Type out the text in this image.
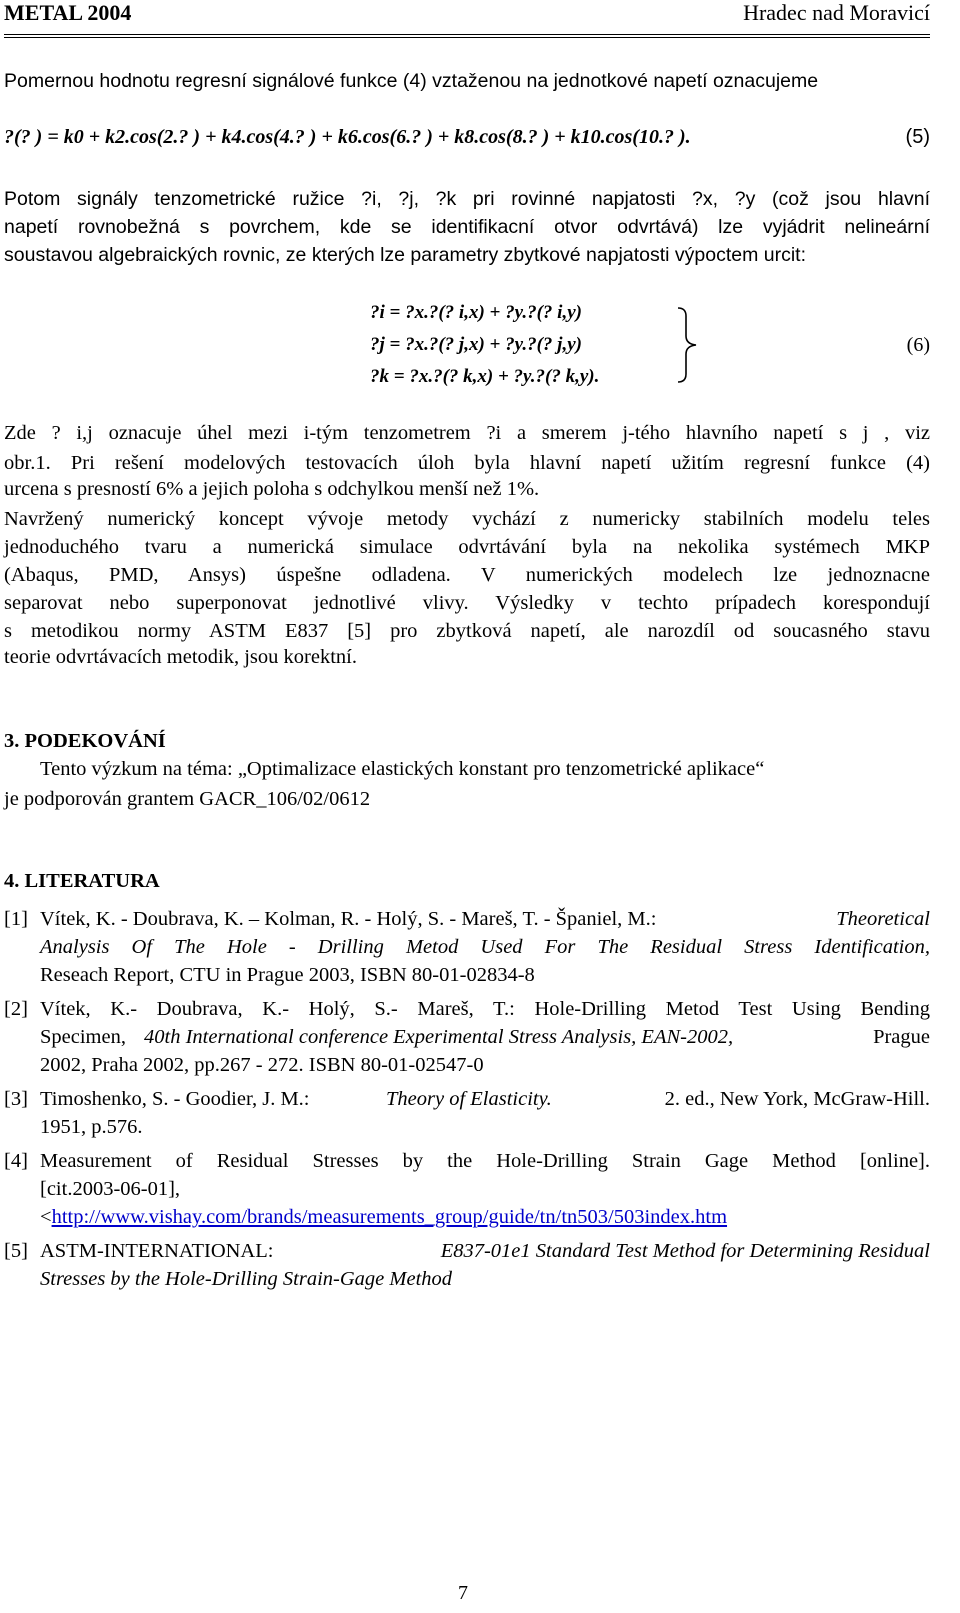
METAL 2004	Hradec nad Moravicí
Pomernou hodnotu regresní signálové funkce (4) vztaženou na jednotkové napetí oznacujeme
?(? ) = k0 + k2.cos(2.? ) + k4.cos(4.? ) + k6.cos(6.? ) + k8.cos(8.? ) + k10.cos(10.? ).	(5)
Potom signály tenzometrické ružice ?i, ?j, ?k pri rovinné napjatosti ?x, ?y (což jsou hlavní
napetí rovnobežná s povrchem, kde se identifikacní otvor odvrtává) lze vyjádrit nelineární
soustavou algebraických rovnic, ze kterých lze parametry zbytkové napjatosti výpoctem urcit:
?i = ?x.?(? i,x) + ?y.?(? i,y)
?j = ?x.?(? j,x) + ?y.?(? j,y)
?k = ?x.?(? k,x) + ?y.?(? k,y).
(6)
Zde ? i,j oznacuje úhel mezi i-tým tenzometrem ?i a smerem j-tého hlavního napetí s j , viz
obr.1. Pri rešení modelových testovacích úloh byla hlavní napetí užitím regresní funkce (4)
urcena s presností 6% a jejich poloha s odchylkou menší než 1%.
Navržený numerický koncept vývoje metody vychází z numericky stabilních modelu teles
jednoduchého tvaru a numerická simulace odvrtávání byla na nekolika systémech MKP
(Abaqus, PMD, Ansys) úspešne odladena. V numerických modelech lze jednoznacne
separovat nebo superponovat jednotlivé vlivy. Výsledky v techto prípadech korespondují
s metodikou normy ASTM E837 [5] pro zbytková napetí, ale narozdíl od soucasného stavu
teorie odvrtávacích metodik, jsou korektní.
3. PODEKOVÁNÍ
Tento výzkum na téma: „Optimalizace elastických konstant pro tenzometrické aplikace“
je podporován grantem GACR_106/02/0612
4. LITERATURA
[1] Vítek, K. - Doubrava, K. – Kolman, R. - Holý, S. - Mareš, T. - Španiel, M.:	Theoretical
Analysis Of The Hole - Drilling Metod Used For The Residual Stress Identification,
Reseach Report, CTU in Prague 2003, ISBN 80-01-02834-8
[2] Vítek, K.- Doubrava, K.- Holý, S.- Mareš, T.: Hole-Drilling Metod Test Using Bending
Specimen, 40th International conference Experimental Stress Analysis, EAN-2002,	Prague
2002, Praha 2002, pp.267 - 272. ISBN 80-01-02547-0
[3] Timoshenko, S. - Goodier, J. M.:	Theory of Elasticity.	2. ed., New York, McGraw-Hill.
1951, p.576.
[4] Measurement of Residual Stresses by the Hole-Drilling Strain Gage Method [online].
[cit.2003-06-01],
<http://www.vishay.com/brands/measurements_group/guide/tn/tn503/503index.htm
[5] ASTM-INTERNATIONAL:	E837-01e1 Standard Test Method for Determining Residual
Stresses by the Hole-Drilling Strain-Gage Method
7
